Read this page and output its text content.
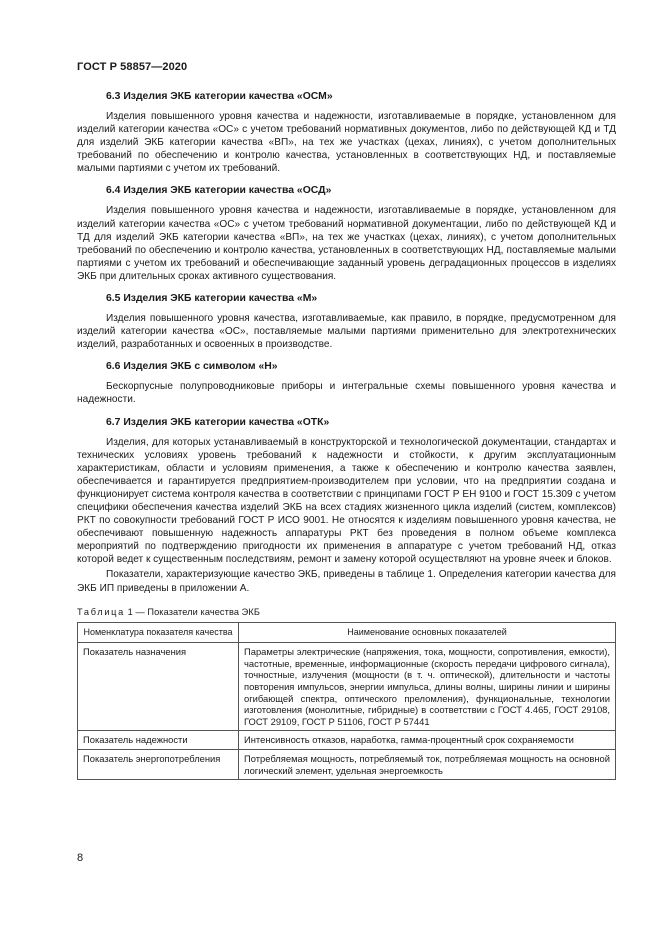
ГОСТ Р 58857—2020

6.3 Изделия ЭКБ категории качества «ОСМ»

Изделия повышенного уровня качества и надежности, изготавливаемые в порядке, установленном для изделий категории качества «ОС» с учетом требований нормативных документов, либо по действующей КД и ТД для изделий ЭКБ категории качества «ВП», на тех же участках (цехах, линиях), с учетом дополнительных требований по обеспечению и контролю качества, установленных в соответствующих НД, и поставляемые малыми партиями с учетом их требований.

6.4 Изделия ЭКБ категории качества «ОСД»

Изделия повышенного уровня качества и надежности, изготавливаемые в порядке, установленном для изделий категории качества «ОС» с учетом требований нормативной документации, либо по действующей КД и ТД для изделий ЭКБ категории качества «ВП», на тех же участках (цехах, линиях), с учетом дополнительных требований по обеспечению и контролю качества, установленных в соответствующих НД, поставляемые малыми партиями с учетом их требований и обеспечивающие заданный уровень деградационных процессов в изделиях ЭКБ при длительных сроках активного существования.

6.5 Изделия ЭКБ категории качества «М»

Изделия повышенного уровня качества, изготавливаемые, как правило, в порядке, предусмотренном для изделий категории качества «ОС», поставляемые малыми партиями применительно для электротехнических изделий, разработанных и освоенных в производстве.

6.6 Изделия ЭКБ с символом «Н»

Бескорпусные полупроводниковые приборы и интегральные схемы повышенного уровня качества и надежности.

6.7 Изделия ЭКБ категории качества «ОТК»

Изделия, для которых устанавливаемый в конструкторской и технологической документации, стандартах и технических условиях уровень требований к надежности и стойкости, к другим эксплуатационным характеристикам, области и условиям применения, а также к обеспечению и контролю качества заявлен, обеспечивается и гарантируется предприятием-производителем при условии, что на предприятии создана и функционирует система контроля качества в соответствии с принципами ГОСТ Р ЕН 9100 и ГОСТ 15.309 с учетом специфики обеспечения качества изделий ЭКБ на всех стадиях жизненного цикла изделий (систем, комплексов) РКТ по совокупности требований ГОСТ Р ИСО 9001. Не относятся к изделиям повышенного уровня качества, не обеспечивают повышенную надежность аппаратуры РКТ без проведения в полном объеме комплекса мероприятий по подтверждению пригодности их применения в аппаратуре с учетом требований НД, отказ которой ведет к существенным последствиям, ремонт и замену которой осуществляют на уровне ячеек и блоков.

Показатели, характеризующие качество ЭКБ, приведены в таблице 1. Определения категории качества для ЭКБ ИП приведены в приложении А.

Таблица 1 — Показатели качества ЭКБ
Номенклатура показателя качества	Наименование основных показателей
Показатель назначения	Параметры электрические (напряжения, тока, мощности, сопротивления, емкости), частотные, временные, информационные (скорость передачи цифрового сигнала), точностные, излучения (мощности (в т. ч. оптической), длительности и частоты повторения импульсов, энергии импульса, длины волны, ширины линии и ширины огибающей спектра, оптического преломления), функциональные, технологии изготовления (монолитные, гибридные) в соответствии с ГОСТ 4.465, ГОСТ 29108, ГОСТ 29109, ГОСТ Р 51106, ГОСТ Р 57441
Показатель надежности	Интенсивность отказов, наработка, гамма-процентный срок сохраняемости
Показатель энергопотребления	Потребляемая мощность, потребляемый ток, потребляемая мощность на основной логический элемент, удельная энергоемкость
8
